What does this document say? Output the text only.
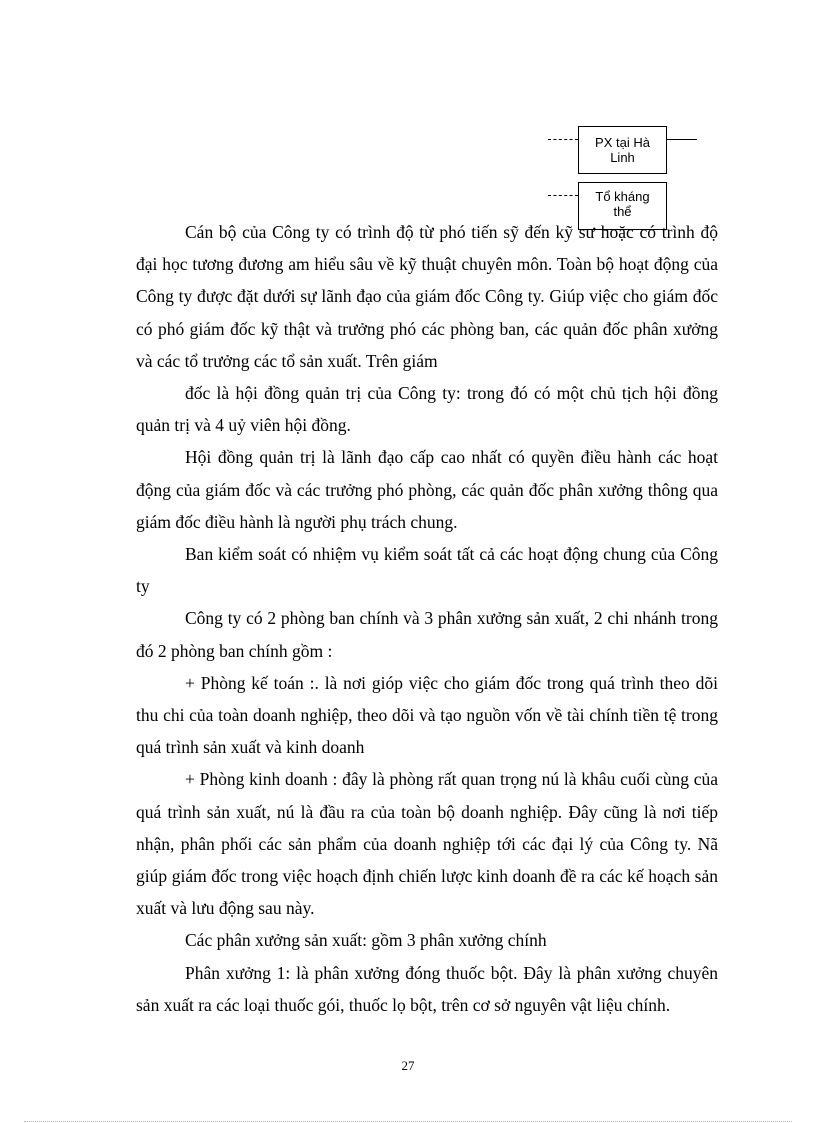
PX tại Hà Linh
Tổ kháng thể

Cán bộ của Công ty có trình độ từ phó tiến sỹ đến kỹ sư hoặc có trình độ đại học tương đương am hiểu sâu về kỹ thuật chuyên môn. Toàn bộ hoạt động của Công ty được đặt dưới sự lãnh đạo của giám đốc Công ty. Giúp việc cho giám đốc có phó giám đốc kỹ thật và trưởng phó các phòng ban, các quản đốc phân xưởng và các tổ trưởng các tổ sản xuất. Trên giám

đốc là hội đồng quản trị của Công ty: trong đó có một chủ tịch hội đồng quản trị và 4 uỷ viên hội đồng.

Hội đồng quản trị là lãnh đạo cấp cao nhất có quyền điều hành các hoạt động của giám đốc và các trưởng phó phòng, các quản đốc phân xưởng thông qua giám đốc điều hành là người phụ trách chung.

Ban kiểm soát có nhiệm vụ kiểm soát tất cả các hoạt động chung của Công ty

Công ty có 2 phòng ban chính và 3 phân xưởng sản xuất, 2 chi nhánh trong đó 2 phòng ban chính gồm :

+ Phòng kế toán :. là nơi gióp việc cho giám đốc trong quá trình theo dõi thu chi của toàn doanh nghiệp, theo dõi và tạo nguồn vốn về tài chính tiền tệ trong quá trình sản xuất và kinh doanh

+ Phòng kinh doanh : đây là phòng rất quan trọng nú là khâu cuối cùng của quá trình sản xuất, nú là đầu ra của toàn bộ doanh nghiệp. Đây cũng là nơi tiếp nhận, phân phối các sản phẩm của doanh nghiệp tới các đại lý của Công ty. Nã giúp giám đốc trong việc hoạch định chiến lược kinh doanh đề ra các kế hoạch sản xuất và lưu động sau này.

Các phân xưởng sản xuất: gồm 3 phân xưởng chính

Phân xưởng 1: là phân xưởng đóng thuốc bột. Đây là phân xưởng chuyên sản xuất ra các loại thuốc gói, thuốc lọ bột, trên cơ sở nguyên vật liệu chính.

27
